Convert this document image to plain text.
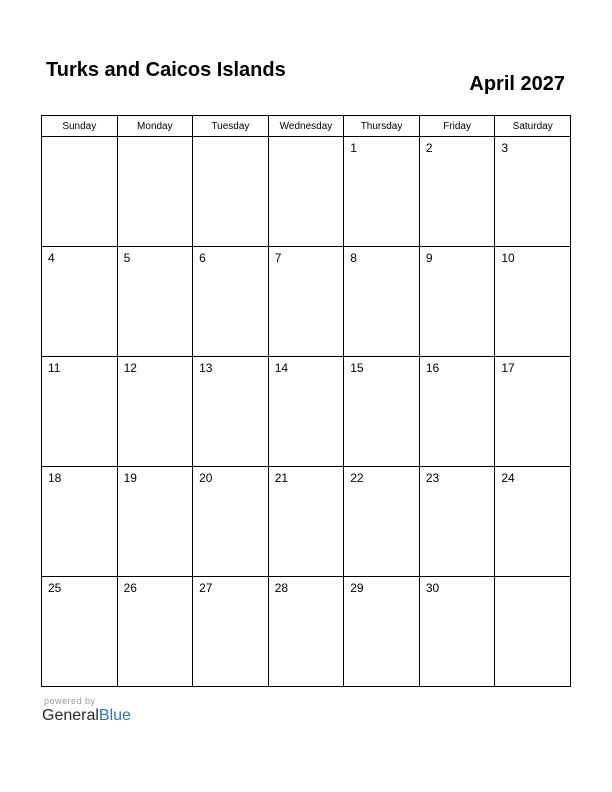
Turks and Caicos Islands
April 2027
Sunday	Monday	Tuesday	Wednesday	Thursday	Friday	Saturday

				1	2	3

4	5	6	7	8	9	10

11	12	13	14	15	16	17

18	19	20	21	22	23	24

25	26	27	28	29	30	

powered by
GeneralBlue
